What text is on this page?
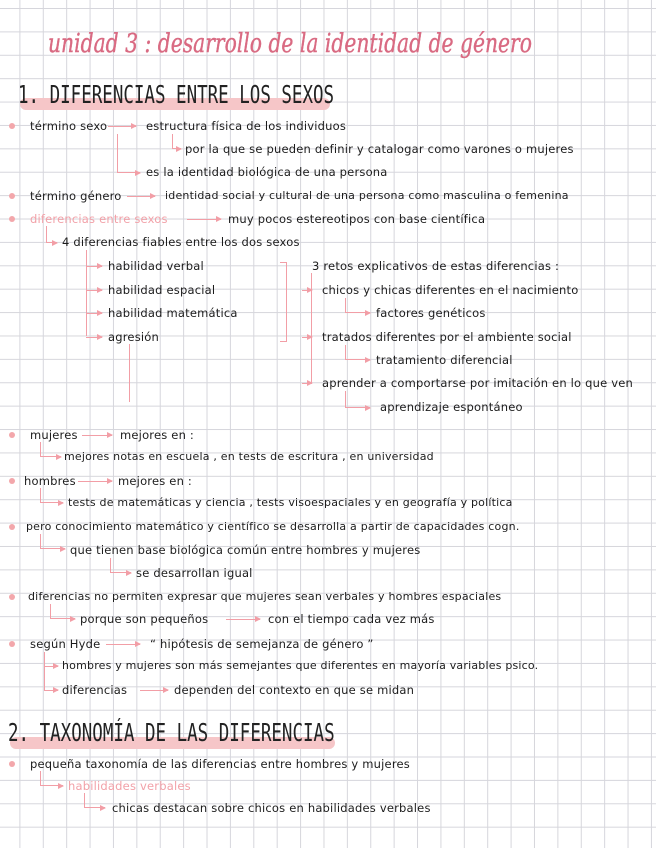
unidad 3 : desarrollo de la identidad de género
1. DIFERENCIAS ENTRE LOS SEXOS
término sexo	estructura física de los individuos
por la que se pueden definir y catalogar como varones o mujeres
es la identidad biológica de una persona
término género	identidad social y cultural de una persona como masculina o femenina
diferencias entre sexos	muy pocos estereotipos con base científica
4 diferencias fiables entre los dos sexos
habilidad verbal
habilidad espacial
habilidad matemática
agresión
3 retos explicativos de estas diferencias :
chicos y chicas diferentes en el nacimiento
factores genéticos
tratados diferentes por el ambiente social
tratamiento diferencial
aprender a comportarse por imitación en lo que ven
aprendizaje espontáneo
mujeres	mejores en :
mejores notas en escuela , en tests de escritura , en universidad
hombres	mejores en :
tests de matemáticas y ciencia , tests visoespaciales y en geografía y política
pero conocimiento matemático y científico se desarrolla a partir de capacidades cogn.
que tienen base biológica común entre hombres y mujeres
se desarrollan igual
diferencias no permiten expresar que mujeres sean verbales y hombres espaciales
porque son pequeños	con el tiempo cada vez más
según Hyde	“ hipótesis de semejanza de género ”
hombres y mujeres son más semejantes que diferentes en mayoría variables psico.
diferencias	dependen del contexto en que se midan
2. TAXONOMÍA DE LAS DIFERENCIAS
pequeña taxonomía de las diferencias entre hombres y mujeres
habilidades verbales
chicas destacan sobre chicos en habilidades verbales
